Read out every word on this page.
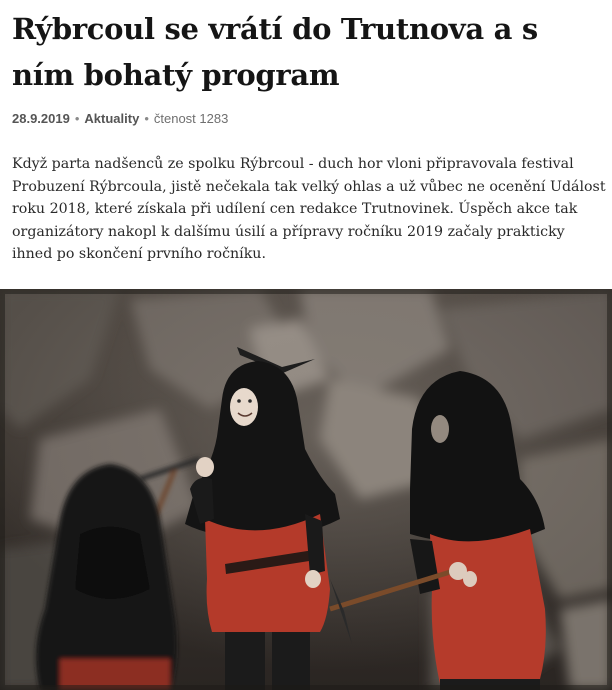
Rýbrcoul se vrátí do Trutnova a s ním bohatý program
28.9.2019 • Aktuality • čtenost 1283

Když parta nadšenců ze spolku Rýbrcoul - duch hor vloni připravovala festival Probuzení Rýbrcoula, jistě nečekala tak velký ohlas a už vůbec ne ocenění Událost roku 2018, které získala při udílení cen redakce Trutnovinek. Úspěch akce tak organizátory nakopl k dalšímu úsilí a přípravy ročníku 2019 začaly prakticky ihned po skončení prvního ročníku.
